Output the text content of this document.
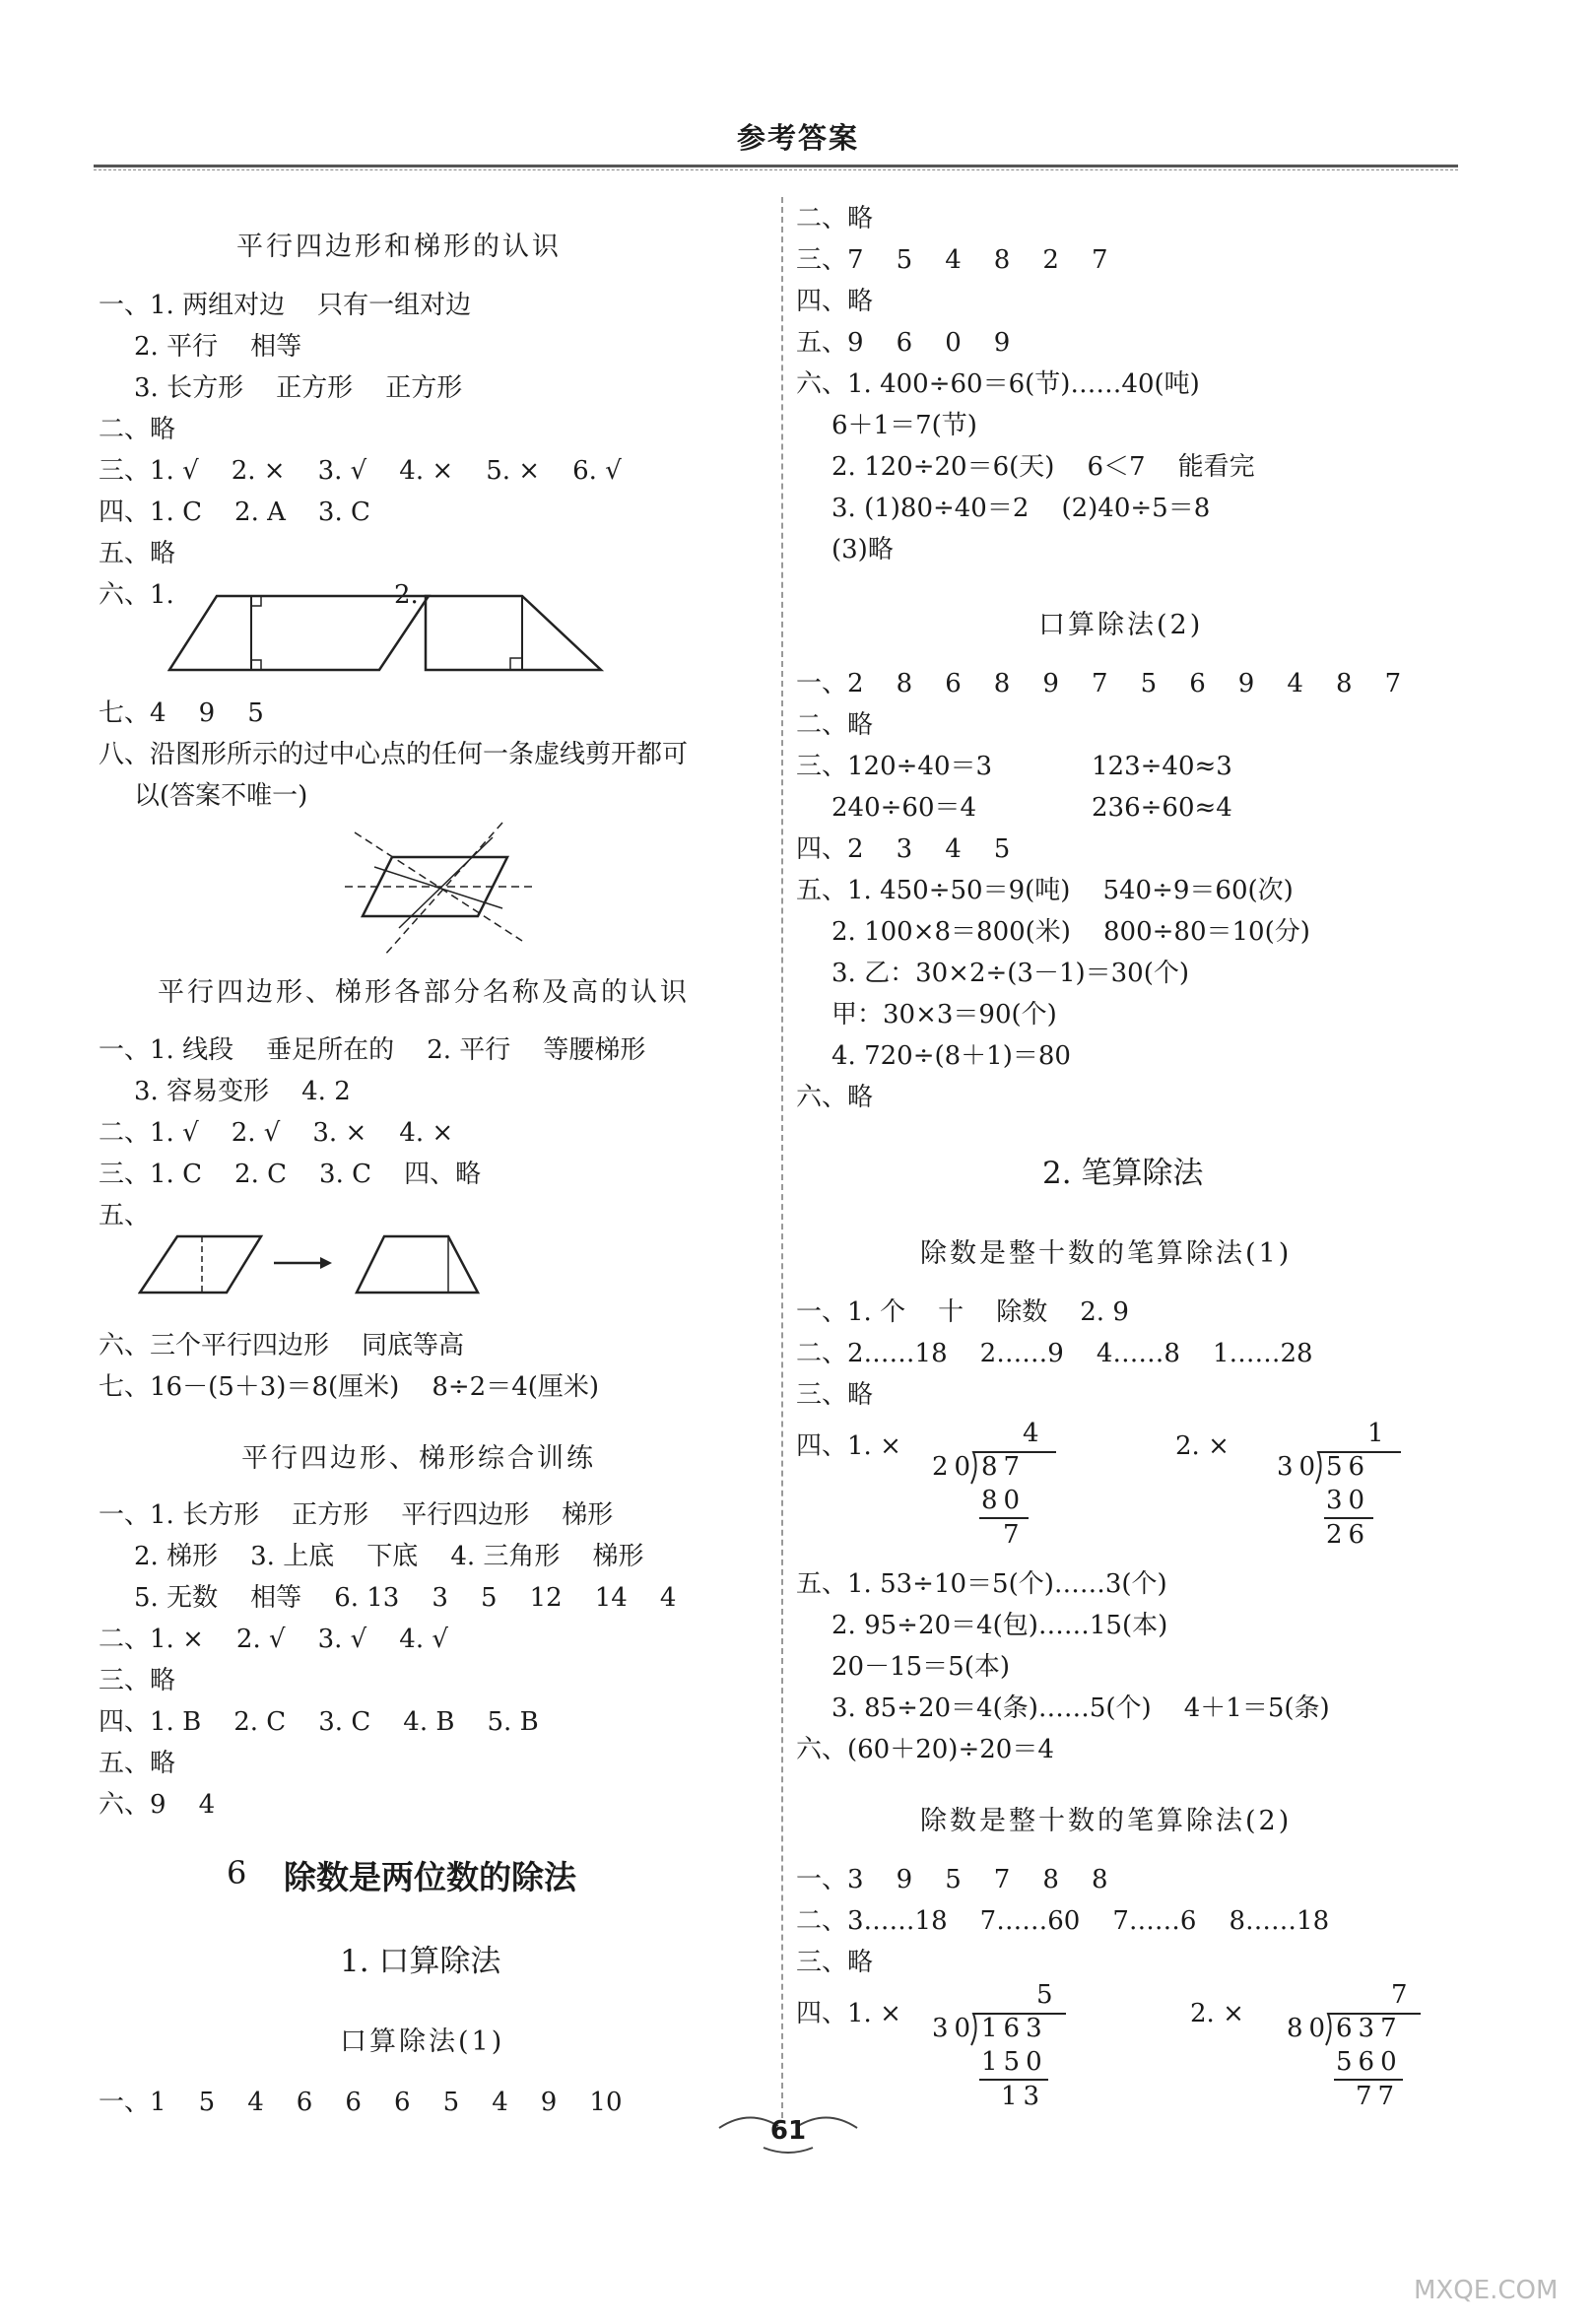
参考答案
平行四边形和梯形的认识
一、1. 两组对边    只有一组对边
2. 平行    相等
3. 长方形    正方形    正方形
二、略
三、1. √    2. ×    3. √    4. ×    5. ×    6. √
四、1. C    2. A    3. C
五、略
六、1.	2.
七、4    9    5
八、沿图形所示的过中心点的任何一条虚线剪开都可
以(答案不唯一)
平行四边形、梯形各部分名称及高的认识
一、1. 线段    垂足所在的    2. 平行    等腰梯形
3. 容易变形    4. 2
二、1. √    2. √    3. ×    4. ×
三、1. C    2. C    3. C    四、略
五、
六、三个平行四边形    同底等高
七、16－(5＋3)＝8(厘米)    8÷2＝4(厘米)
平行四边形、梯形综合训练
一、1. 长方形    正方形    平行四边形    梯形
2. 梯形    3. 上底    下底    4. 三角形    梯形
5. 无数    相等    6. 13    3    5    12    14    4
二、1. ×    2. √    3. √    4. √
三、略
四、1. B    2. C    3. C    4. B    5. B
五、略
六、9    4
6 除数是两位数的除法
1. 口算除法
口算除法(1)
一、1    5    4    6    6    6    5    4    9    10
二、略
三、7    5    4    8    2    7
四、略
五、9    6    0    9
六、1. 400÷60＝6(节)……40(吨)
6＋1＝7(节)
2. 120÷20＝6(天)    6＜7    能看完
3. (1)80÷40＝2    (2)40÷5＝8
(3)略
口算除法(2)
一、2    8    6    8    9    7    5    6    9    4    8    7
二、略
三、120÷40＝3	123÷40≈3
240÷60＝4	236÷60≈4
四、2    3    4    5
五、1. 450÷50＝9(吨)    540÷9＝60(次)
2. 100×8＝800(米)    800÷80＝10(分)
3. 乙：30×2÷(3－1)＝30(个)
甲：30×3＝90(个)
4. 720÷(8＋1)＝80
六、略
2. 笔算除法
除数是整十数的笔算除法(1)
一、1. 个    十    除数    2. 9
二、2……18    2……9    4……8    1……28
三、略
四、1. ×	2. ×
4
20 87
80
7
1
30 56
30
26
五、1. 53÷10＝5(个)……3(个)
2. 95÷20＝4(包)……15(本)
20－15＝5(本)
3. 85÷20＝4(条)……5(个)    4＋1＝5(条)
六、(60＋20)÷20＝4
除数是整十数的笔算除法(2)
一、3    9    5    7    8    8
二、3……18    7……60    7……6    8……18
三、略
四、1. ×	2. ×
5
30 163
150
13
7
80 637
560
77
61
MXQE.COM
